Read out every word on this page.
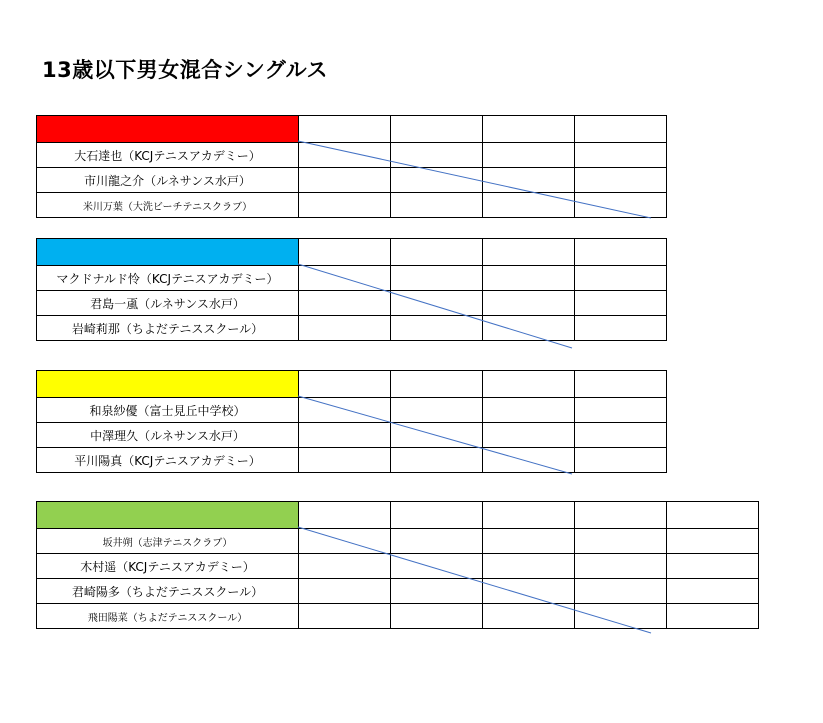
13歳以下男女混合シングルス

大石達也（KCJテニスアカデミー）				
市川龍之介（ルネサンス水戸）				
米川万葉（大洗ビーチテニスクラブ）				

マクドナルド怜（KCJテニスアカデミー）				
君島一颪（ルネサンス水戸）				
岩崎莉那（ちよだテニススクール）				

和泉紗優（富士見丘中学校）				
中澤理久（ルネサンス水戸）				
平川陽真（KCJテニスアカデミー）				

坂井朔（志津テニスクラブ）					
木村遥（KCJテニスアカデミー）					
君崎陽多（ちよだテニススクール）					
飛田陽菜（ちよだテニススクール）					
